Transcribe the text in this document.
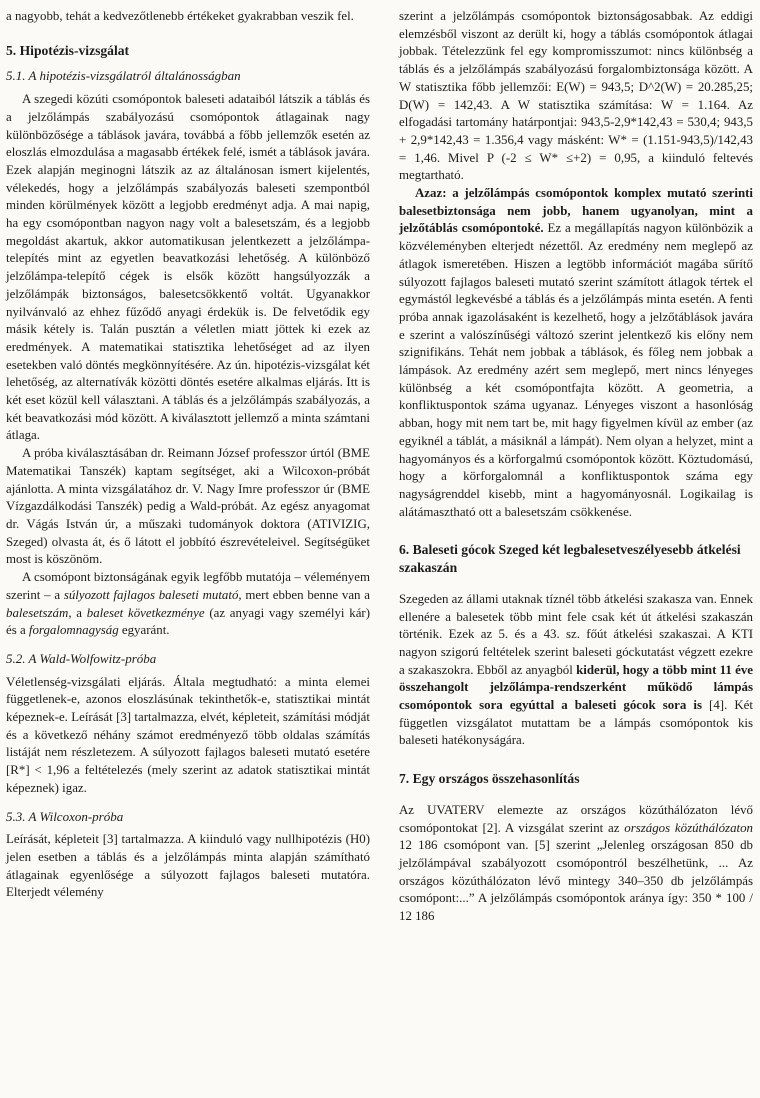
a nagyobb, tehát a kedvezőtlenebb értékeket gyakrabban veszik fel.

5. Hipotézis-vizsgálat
5.1. A hipotézis-vizsgálatról általánosságban

A szegedi közúti csomópontok baleseti adataiból látszik a táblás és a jelzőlámpás szabályozású csomópontok átlagainak nagy különbözősége a táblások javára, továbbá a főbb jellemzők esetén az eloszlás elmozdulása a magasabb értékek felé, ismét a táblások javára. Ezek alapján meginogni látszik az az általánosan ismert kijelentés, vélekedés, hogy a jelzőlámpás szabályozás baleseti szempontból minden körülmények között a legjobb eredményt adja. A mai napig, ha egy csomópontban nagyon nagy volt a balesetszám, és a legjobb megoldást akartuk, akkor automatikusan jelentkezett a jelzőlámpa-telepítés mint az egyetlen beavatkozási lehetőség. A különböző jelzőlámpa-telepítő cégek is elsők között hangsúlyozzák a jelzőlámpák biztonságos, balesetcsökkentő voltát. Ugyanakkor nyilvánvaló az ehhez fűződő anyagi érdekük is. De felvetődik egy másik kétely is. Talán pusztán a véletlen miatt jöttek ki ezek az eredmények. A matematikai statisztika lehetőséget ad az ilyen esetekben való döntés megkönnyítésére. Az ún. hipotézis-vizsgálat két lehetőség, az alternatívák közötti döntés esetére alkalmas eljárás. Itt is két eset közül kell választani. A táblás és a jelzőlámpás szabályozás, a két beavatkozási mód között. A kiválasztott jellemző a minta számtani átlaga.

A próba kiválasztásában dr. Reimann József professzor úrtól (BME Matematikai Tanszék) kaptam segítséget, aki a Wilcoxon-próbát ajánlotta. A minta vizsgálatához dr. V. Nagy Imre professzor úr (BME Vízgazdálkodási Tanszék) pedig a Wald-próbát. Az egész anyagomat dr. Vágás István úr, a műszaki tudományok doktora (ATIVIZIG, Szeged) olvasta át, és ő látott el jobbító észrevételeivel. Segítségüket most is köszönöm.

A csomópont biztonságának egyik legfőbb mutatója – véleményem szerint – a súlyozott fajlagos baleseti mutató, mert ebben benne van a balesetszám, a baleset következménye (az anyagi vagy személyi kár) és a forgalomnagyság egyaránt.

5.2. A Wald-Wolfowitz-próba

Véletlenség-vizsgálati eljárás. Általa megtudható: a minta elemei függetlenek-e, azonos eloszlásúnak tekinthetők-e, statisztikai mintát képeznek-e. Leírását [3] tartalmazza, elvét, képleteit, számítási módját és a következő néhány számot eredményező több oldalas számítás listáját nem részletezem. A súlyozott fajlagos baleseti mutató esetére [R*] < 1,96 a feltételezés (mely szerint az adatok statisztikai mintát képeznek) igaz.

5.3. A Wilcoxon-próba

Leírását, képleteit [3] tartalmazza. A kiinduló vagy nullhipotézis (H0) jelen esetben a táblás és a jelzőlámpás minta alapján számítható átlagainak egyenlősége a súlyozott fajlagos baleseti mutatóra. Elterjedt vélemény

szerint a jelzőlámpás csomópontok biztonságosabbak. Az eddigi elemzésből viszont az derült ki, hogy a táblás csomópontok átlagai jobbak. Tételezzünk fel egy kompromisszumot: nincs különbség a táblás és a jelzőlámpás szabályozású forgalombiztonsága között. A W statisztika főbb jellemzői: E(W) = 943,5; D^2(W) = 20.285,25; D(W) = 142,43. A W statisztika számítása: W = 1.164. Az elfogadási tartomány határpontjai: 943,5-2,9*142,43 = 530,4; 943,5 + 2,9*142,43 = 1.356,4 vagy másként: W* = (1.151-943,5)/142,43 = 1,46. Mivel P (-2 ≤ W* ≤+2) = 0,95, a kiinduló feltevés megtartható.

Azaz: a jelzőlámpás csomópontok komplex mutató szerinti balesetbiztonsága nem jobb, hanem ugyanolyan, mint a jelzőtáblás csomópontoké. Ez a megállapítás nagyon különbözik a közvéleményben elterjedt nézettől. Az eredmény nem meglepő az átlagok ismeretében. Hiszen a legtöbb információt magába sűrítő súlyozott fajlagos baleseti mutató szerint számított átlagok tértek el egymástól legkevésbé a táblás és a jelzőlámpás minta esetén. A fenti próba annak igazolásaként is kezelhető, hogy a jelzőtáblások javára e szerint a valószínűségi változó szerint jelentkező kis előny nem szignifikáns. Tehát nem jobbak a táblások, és főleg nem jobbak a lámpások. Az eredmény azért sem meglepő, mert nincs lényeges különbség a két csomópontfajta között. A geometria, a konfliktuspontok száma ugyanaz. Lényeges viszont a hasonlóság abban, hogy mit nem tart be, mit hagy figyelmen kívül az ember (az egyiknél a táblát, a másiknál a lámpát). Nem olyan a helyzet, mint a hagyományos és a körforgalmú csomópontok között. Köztudomású, hogy a körforgalomnál a konfliktuspontok száma egy nagyságrenddel kisebb, mint a hagyományosnál. Logikailag is alátámasztható ott a balesetszám csökkenése.

6. Baleseti gócok Szeged két legbalesetveszélyesebb átkelési szakaszán

Szegeden az állami utaknak tíznél több átkelési szakasza van. Ennek ellenére a balesetek több mint fele csak két út átkelési szakaszán történik. Ezek az 5. és a 43. sz. főút átkelési szakaszai. A KTI nagyon szigorú feltételek szerint baleseti góckutatást végzett ezekre a szakaszokra. Ebből az anyagból kiderül, hogy a több mint 11 éve összehangolt jelzőlámpa-rendszerként működő lámpás csomópontok sora egyúttal a baleseti gócok sora is [4]. Két független vizsgálatot mutattam be a lámpás csomópontok kis baleseti hatékonyságára.

7. Egy országos összehasonlítás

Az UVATERV elemezte az országos közúthálózaton lévő csomópontokat [2]. A vizsgálat szerint az országos közúthálózaton 12 186 csomópont van. [5] szerint „Jelenleg országosan 850 db jelzőlámpával szabályozott csomópontról beszélhetünk, ... Az országos közúthálózaton lévő mintegy 340–350 db jelzőlámpás csomópont:...” A jelzőlámpás csomópontok aránya így: 350 * 100 / 12 186
